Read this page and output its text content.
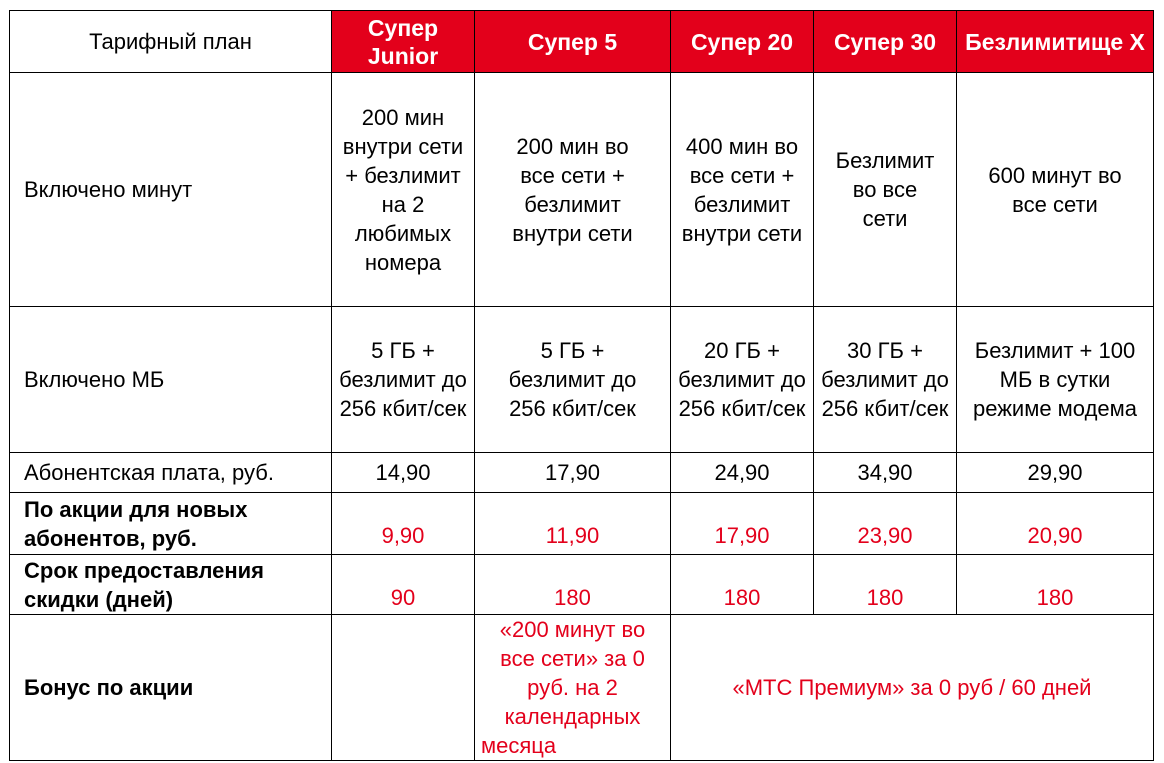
Тарифный план	Супер Junior	Супер 5	Супер 20	Супер 30	Безлимитище Х
Включено минут	200 мин внутри сети + безлимит на 2 любимых номера	200 мин во все сети + безлимит внутри сети	400 мин во все сети + безлимит внутри сети	Безлимит во все сети	600 минут во все сети
Включено МБ	5 ГБ + безлимит до 256 кбит/сек	5 ГБ + безлимит до 256 кбит/сек	20 ГБ + безлимит до 256 кбит/сек	30 ГБ + безлимит до 256 кбит/сек	Безлимит + 100 МБ в сутки режиме модема
Абонентская плата, руб.	14,90	17,90	24,90	34,90	29,90
По акции для новых абонентов, руб.	9,90	11,90	17,90	23,90	20,90
Срок предоставления скидки (дней)	90	180	180	180	180
Бонус по акции		«200 минут во все сети» за 0 руб. на 2 календарных месяца	«МТС Премиум» за 0 руб / 60 дней		
